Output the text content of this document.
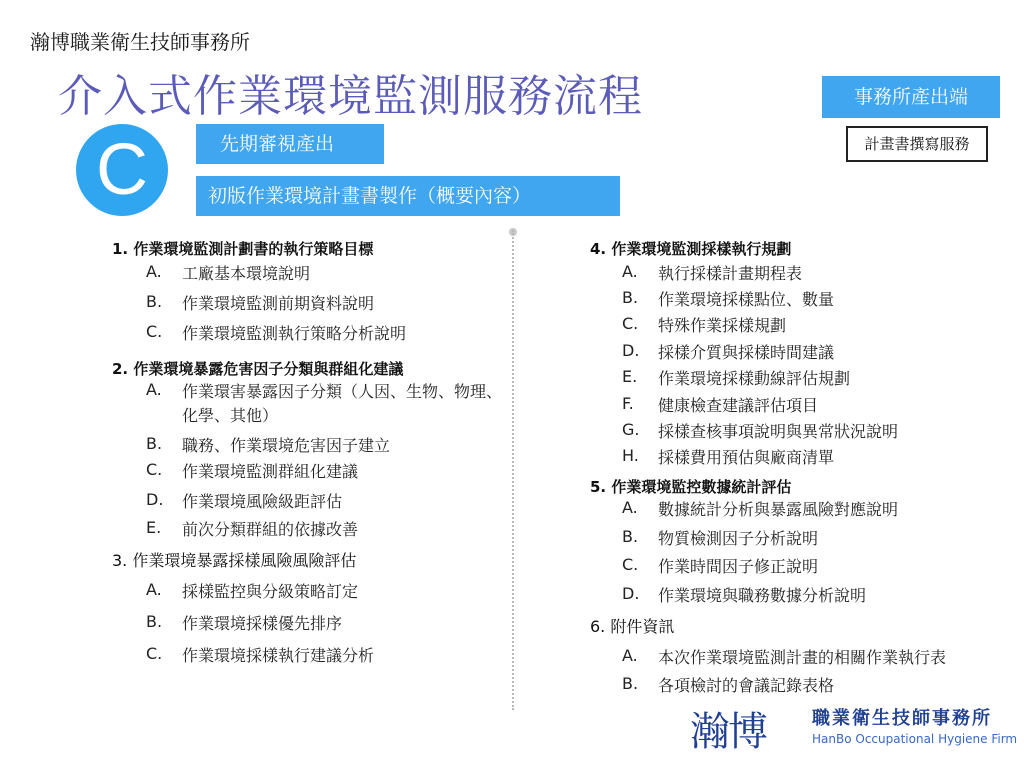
瀚博職業衛生技師事務所
介入式作業環境監測服務流程
C	先期審視產出
初版作業環境計畫書製作（概要內容）
事務所產出端
計畫書撰寫服務
1. 作業環境監測計劃書的執行策略目標
A. 工廠基本環境說明
B. 作業環境監測前期資料說明
C. 作業環境監測執行策略分析說明
2. 作業環境暴露危害因子分類與群組化建議
A. 作業環害暴露因子分類（人因、生物、物理、化學、其他）
B. 職務、作業環境危害因子建立
C. 作業環境監測群組化建議
D. 作業環境風險級距評估
E. 前次分類群組的依據改善
3. 作業環境暴露採樣風險風險評估
A. 採樣監控與分級策略訂定
B. 作業環境採樣優先排序
C. 作業環境採樣執行建議分析
4. 作業環境監測採樣執行規劃
A. 執行採樣計畫期程表
B. 作業環境採樣點位、數量
C. 特殊作業採樣規劃
D. 採樣介質與採樣時間建議
E. 作業環境採樣動線評估規劃
F. 健康檢查建議評估項目
G. 採樣查核事項說明與異常狀況說明
H. 採樣費用預估與廠商清單
5. 作業環境監控數據統計評估
A. 數據統計分析與暴露風險對應說明
B. 物質檢測因子分析說明
C. 作業時間因子修正說明
D. 作業環境與職務數據分析說明
6. 附件資訊
A. 本次作業環境監測計畫的相關作業執行表
B. 各項檢討的會議記錄表格
瀚博	職業衛生技師事務所
HanBo Occupational Hygiene Firm
